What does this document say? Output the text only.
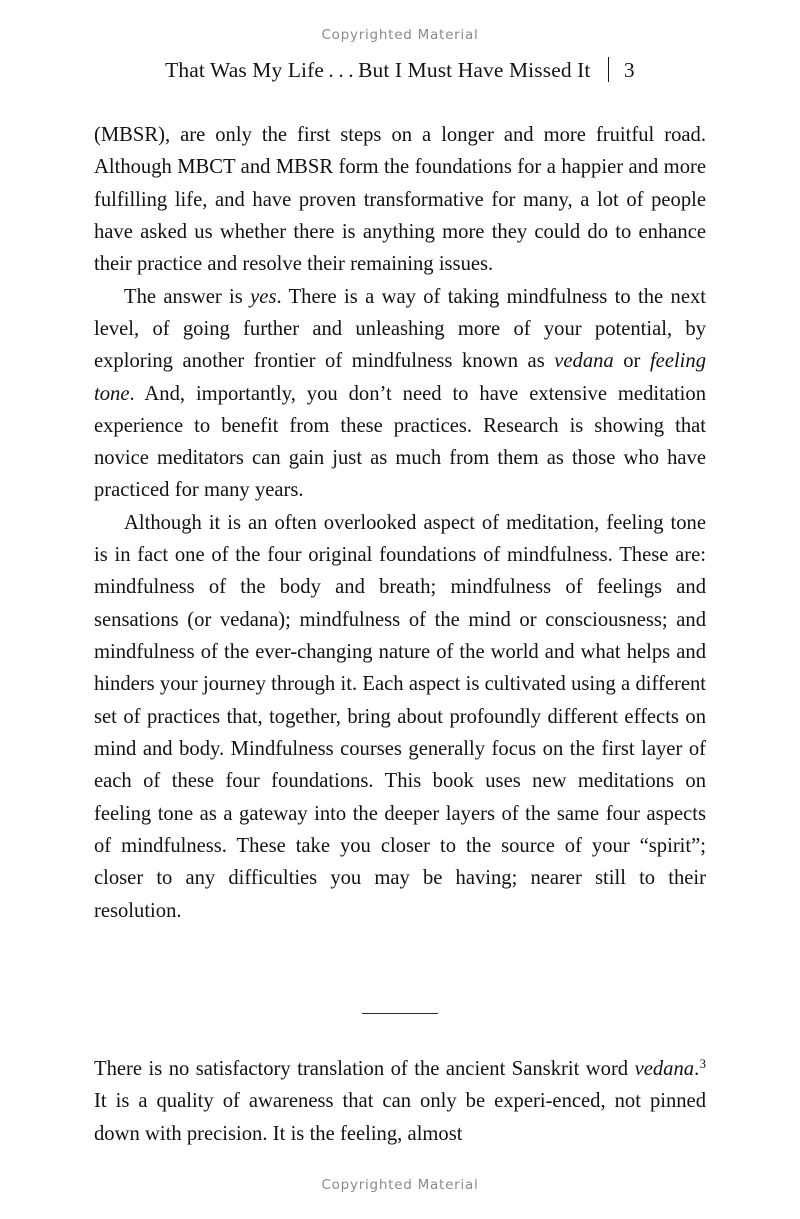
Copyrighted Material
That Was My Life . . . But I Must Have Missed It 3

(MBSR), are only the first steps on a longer and more fruitful road. Although MBCT and MBSR form the foundations for a happier and more fulfilling life, and have proven transformative for many, a lot of people have asked us whether there is anything more they could do to enhance their practice and resolve their remaining issues.

The answer is yes. There is a way of taking mindfulness to the next level, of going further and unleashing more of your potential, by exploring another frontier of mindfulness known as vedana or feeling tone. And, importantly, you don’t need to have extensive meditation experience to benefit from these practices. Research is showing that novice meditators can gain just as much from them as those who have practiced for many years.

Although it is an often overlooked aspect of meditation, feeling tone is in fact one of the four original foundations of mindfulness. These are: mindfulness of the body and breath; mindfulness of feelings and sensations (or vedana); mindfulness of the mind or consciousness; and mindfulness of the ever-changing nature of the world and what helps and hinders your journey through it. Each aspect is cultivated using a different set of practices that, together, bring about profoundly different effects on mind and body. Mindfulness courses generally focus on the first layer of each of these four foundations. This book uses new meditations on feeling tone as a gateway into the deeper layers of the same four aspects of mindfulness. These take you closer to the source of your “spirit”; closer to any difficulties you may be having; nearer still to their resolution.

There is no satisfactory translation of the ancient Sanskrit word vedana.$^3$ It is a quality of awareness that can only be experi-enced, not pinned down with precision. It is the feeling, almost

Copyrighted Material
